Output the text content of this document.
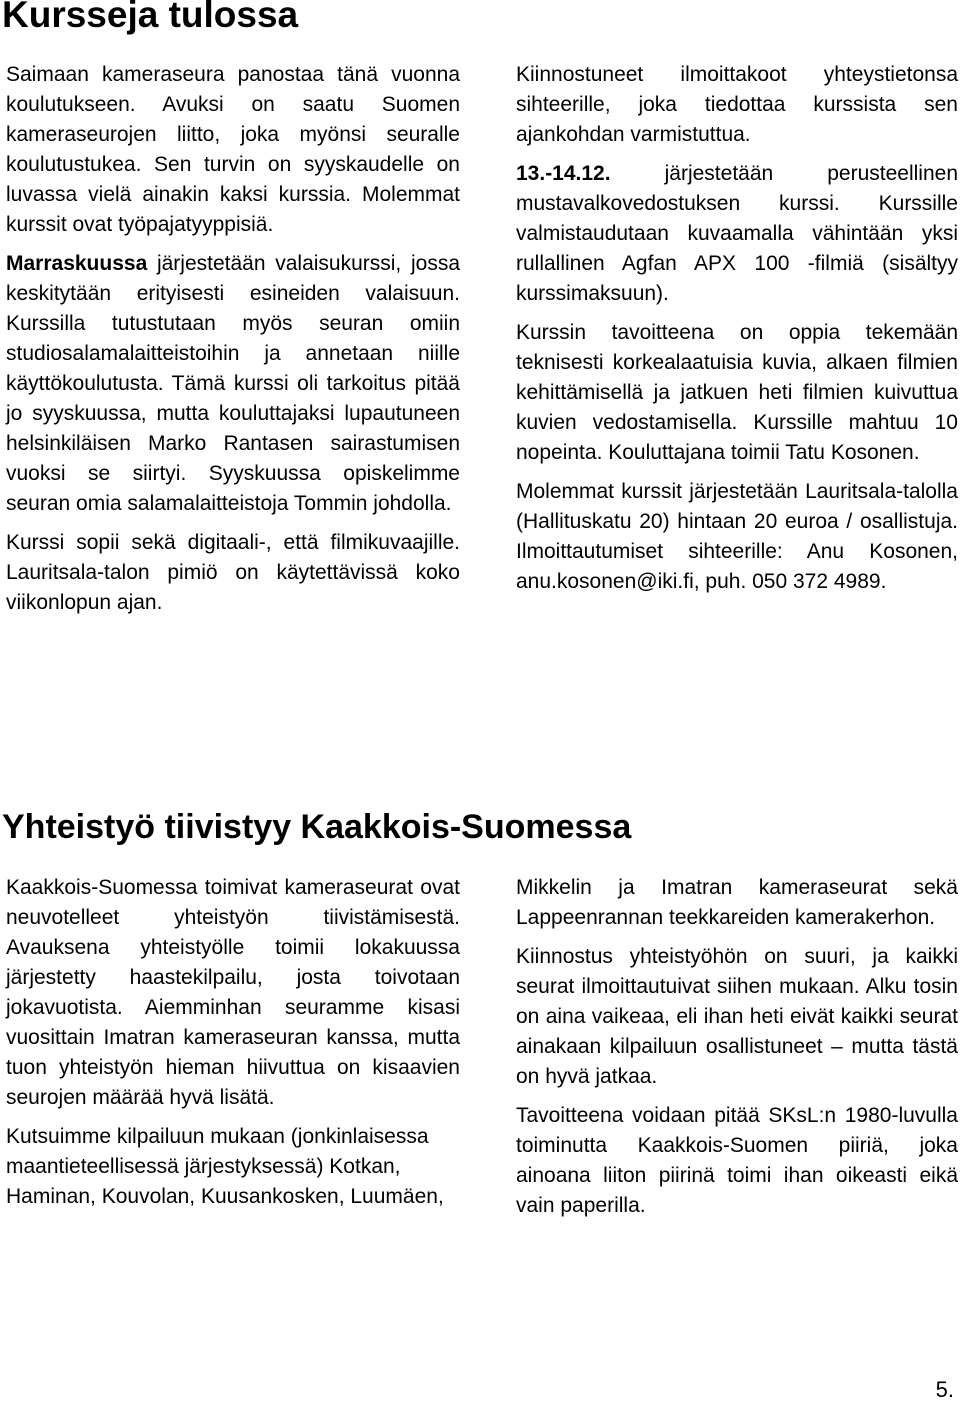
Kursseja tulossa

Saimaan kameraseura panostaa tänä vuonna koulutukseen. Avuksi on saatu Suomen kameraseurojen liitto, joka myönsi seuralle koulutustukea. Sen turvin on syyskaudelle on luvassa vielä ainakin kaksi kurssia. Molemmat kurssit ovat työpajatyyppisiä.

Marraskuussa järjestetään valaisukurssi, jossa keskitytään erityisesti esineiden valaisuun. Kurssilla tutustutaan myös seuran omiin studiosalamalaitteistoihin ja annetaan niille käyttökoulutusta. Tämä kurssi oli tarkoitus pitää jo syyskuussa, mutta kouluttajaksi lupautuneen helsinkiläisen Marko Rantasen sairastumisen vuoksi se siirtyi. Syyskuussa opiskelimme seuran omia salamalaitteistoja Tommin johdolla.

Kurssi sopii sekä digitaali-, että filmikuvaajille. Lauritsala-talon pimiö on käytettävissä koko viikonlopun ajan.

Kiinnostuneet ilmoittakoot yhteystietonsa sihteerille, joka tiedottaa kurssista sen ajankohdan varmistuttua.

13.-14.12. järjestetään perusteellinen mustavalkovedostuksen kurssi. Kurssille valmistaudutaan kuvaamalla vähintään yksi rullallinen Agfan APX 100 -filmiä (sisältyy kurssimaksuun).

Kurssin tavoitteena on oppia tekemään teknisesti korkealaatuisia kuvia, alkaen filmien kehittämisellä ja jatkuen heti filmien kuivuttua kuvien vedostamisella. Kurssille mahtuu 10 nopeinta. Kouluttajana toimii Tatu Kosonen.

Molemmat kurssit järjestetään Lauritsala-talolla (Hallituskatu 20) hintaan 20 euroa / osallistuja. Ilmoittautumiset sihteerille: Anu Kosonen, anu.kosonen@iki.fi, puh. 050 372 4989.

Yhteistyö tiivistyy Kaakkois-Suomessa

Kaakkois-Suomessa toimivat kameraseurat ovat neuvotelleet yhteistyön tiivistämisestä. Avauksena yhteistyölle toimii lokakuussa järjestetty haastekilpailu, josta toivotaan jokavuotista. Aiemminhan seuramme kisasi vuosittain Imatran kameraseuran kanssa, mutta tuon yhteistyön hieman hiivuttua on kisaavien seurojen määrää hyvä lisätä.

Kutsuimme kilpailuun mukaan (jonkinlaisessa maantieteellisessä järjestyksessä) Kotkan, Haminan, Kouvolan, Kuusankosken, Luumäen,

Mikkelin ja Imatran kameraseurat sekä Lappeenrannan teekkareiden kamerakerhon.

Kiinnostus yhteistyöhön on suuri, ja kaikki seurat ilmoittautuivat siihen mukaan. Alku tosin on aina vaikeaa, eli ihan heti eivät kaikki seurat ainakaan kilpailuun osallistuneet – mutta tästä on hyvä jatkaa.

Tavoitteena voidaan pitää SKsL:n 1980-luvulla toiminutta Kaakkois-Suomen piiriä, joka ainoana liiton piirinä toimi ihan oikeasti eikä vain paperilla.

5.
